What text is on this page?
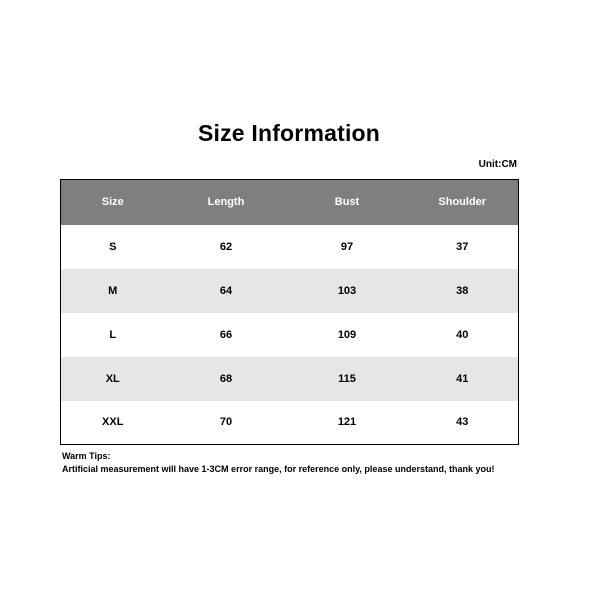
Size Information
Unit:CM
Size	Length	Bust	Shoulder
S	62	97	37
M	64	103	38
L	66	109	40
XL	68	115	41
XXL	70	121	43

Warm Tips:

Artificial measurement will have 1-3CM error range, for reference only, please understand, thank you!
